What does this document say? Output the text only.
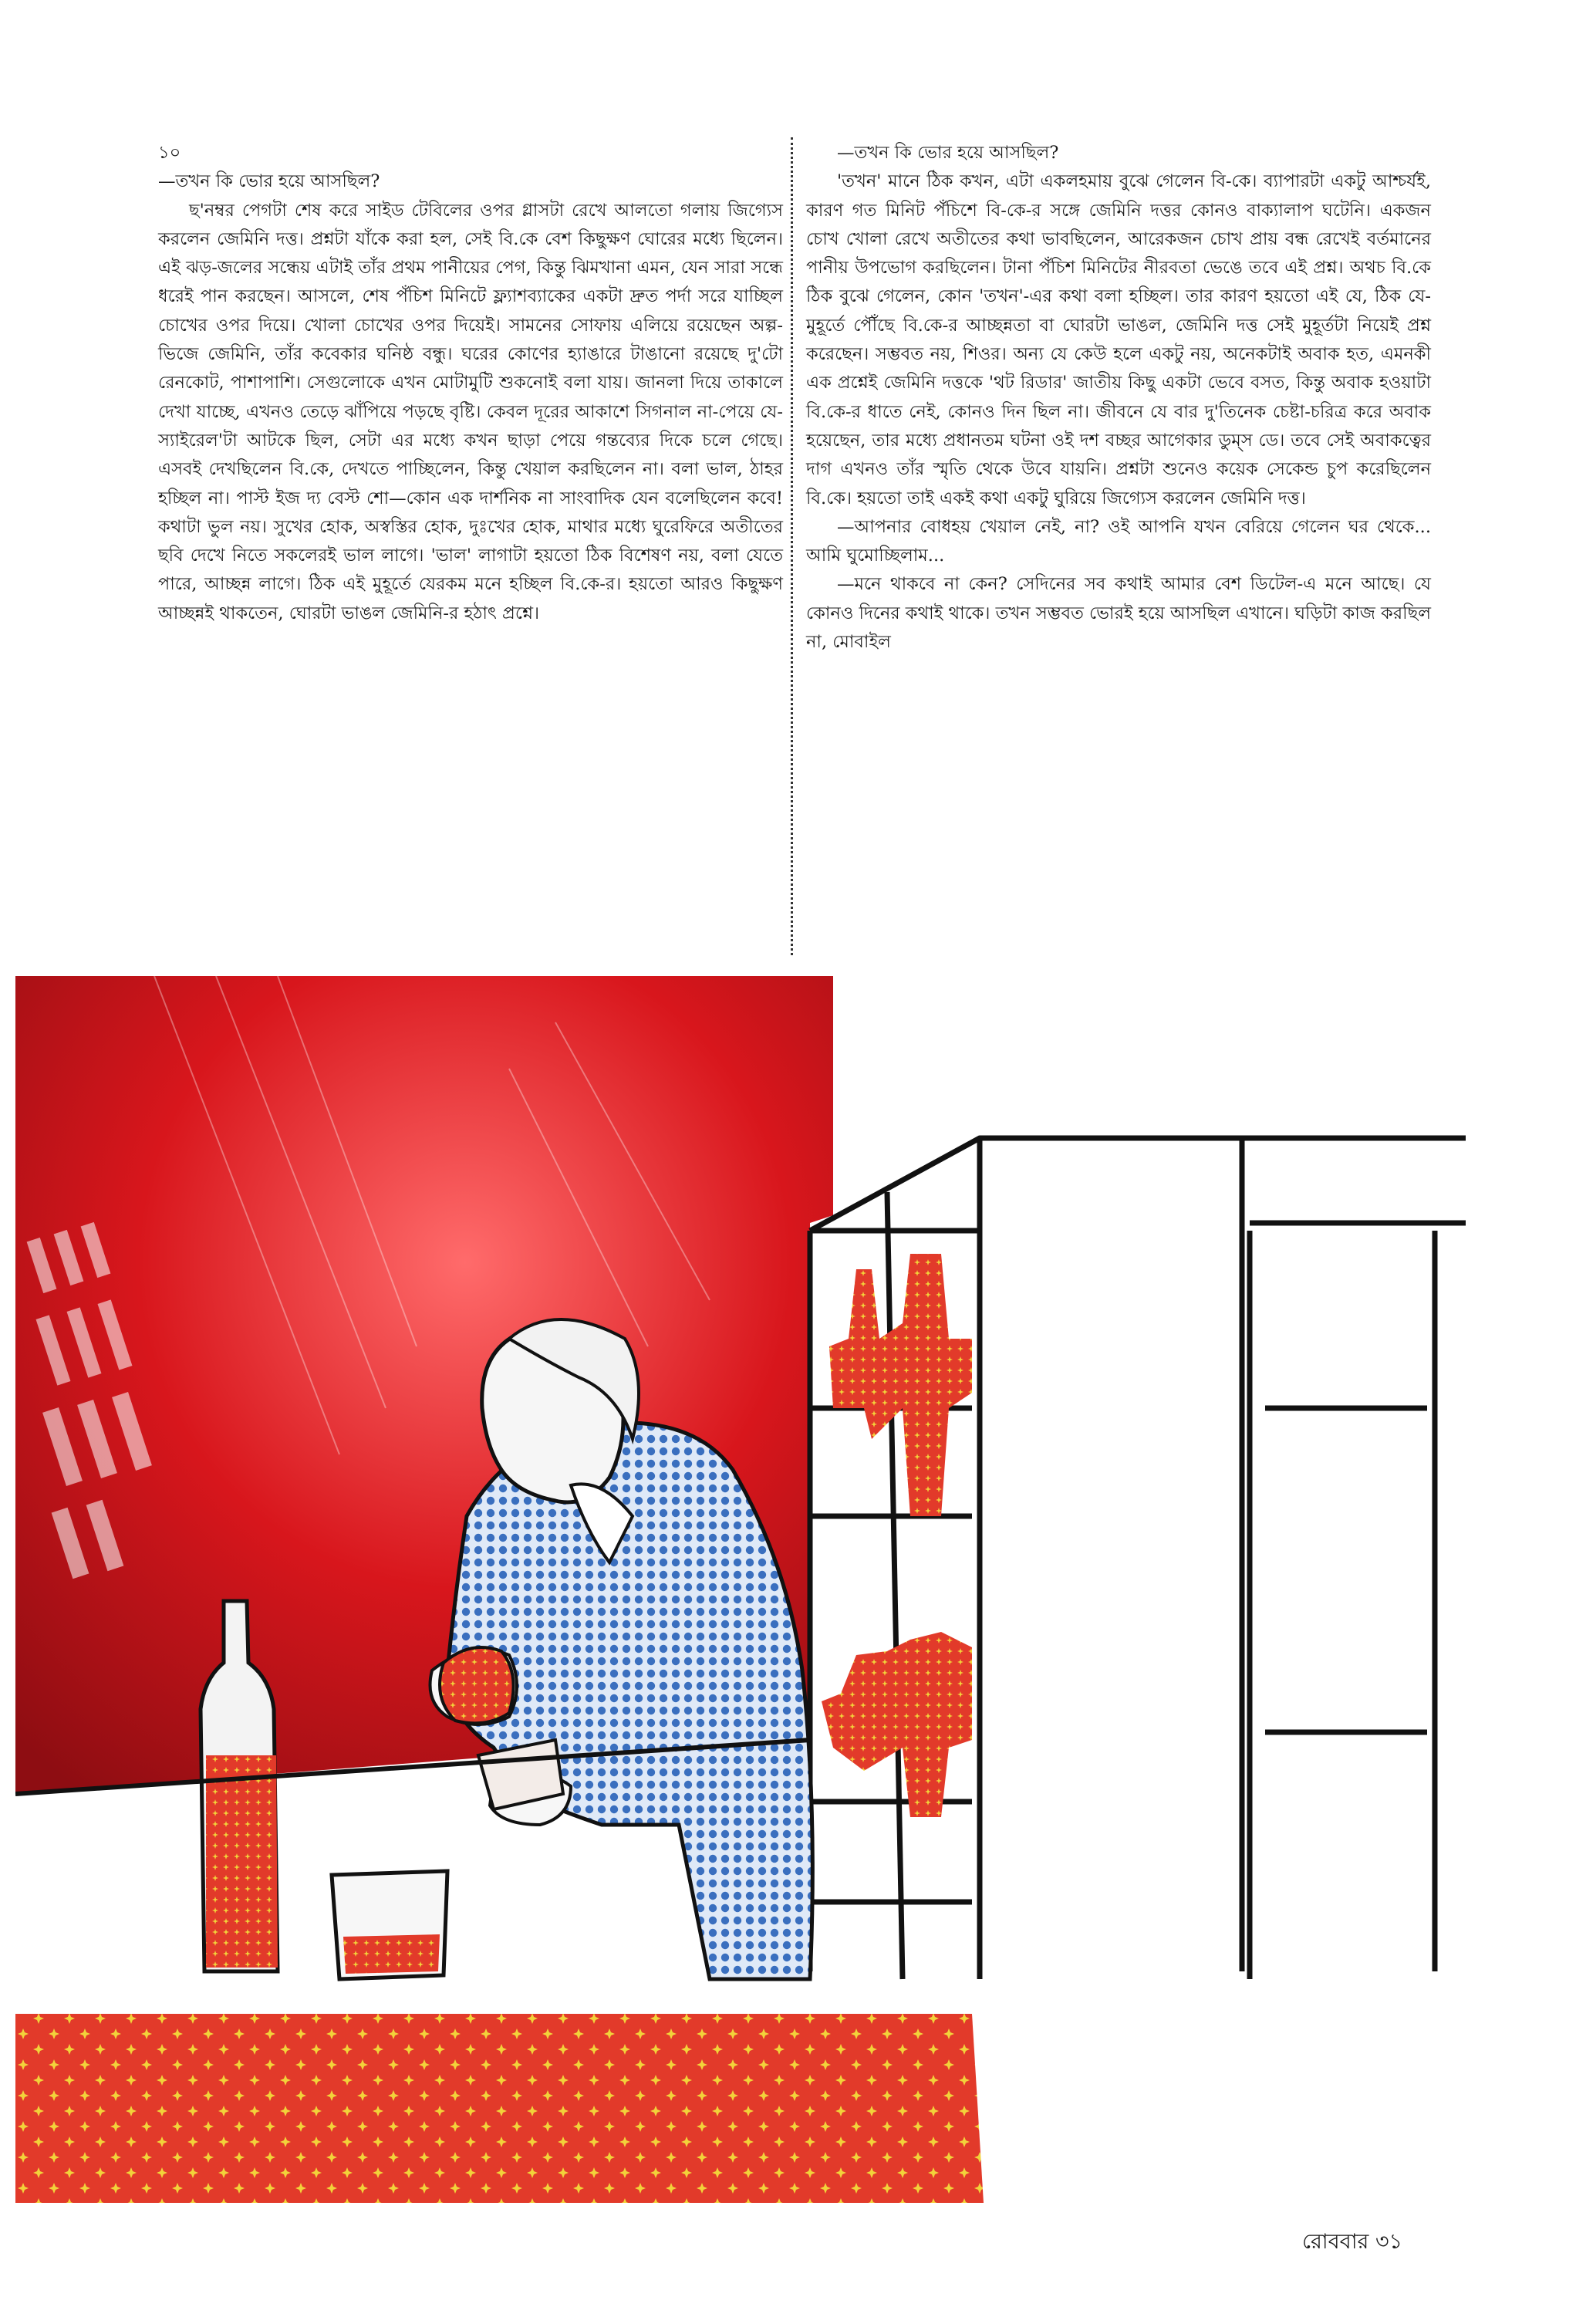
১০

—তখন কি ভোর হয়ে আসছিল?

ছ'নম্বর পেগটা শেষ করে সাইড টেবিলের ওপর গ্লাসটা রেখে আলতো গলায় জিগ্যেস করলেন জেমিনি দত্ত। প্রশ্নটা যাঁকে করা হল, সেই বি.কে বেশ কিছুক্ষণ ঘোরের মধ্যে ছিলেন। এই ঝড়-জলের সন্ধেয় এটাই তাঁর প্রথম পানীয়ের পেগ, কিন্তু ঝিমখানা এমন, যেন সারা সন্ধে ধরেই পান করছেন। আসলে, শেষ পঁচিশ মিনিটে ফ্ল্যাশব্যাকের একটা দ্রুত পর্দা সরে যাচ্ছিল চোখের ওপর দিয়ে। খোলা চোখের ওপর দিয়েই। সামনের সোফায় এলিয়ে রয়েছেন অল্প-ভিজে জেমিনি, তাঁর কবেকার ঘনিষ্ঠ বন্ধু। ঘরের কোণের হ্যাঙারে টাঙানো রয়েছে দু'টো রেনকোট, পাশাপাশি। সেগুলোকে এখন মোটামুটি শুকনোই বলা যায়। জানলা দিয়ে তাকালে দেখা যাচ্ছে, এখনও তেড়ে ঝাঁপিয়ে পড়ছে বৃষ্টি। কেবল দূরের আকাশে সিগনাল না-পেয়ে যে-স্যাইরেল'টা আটকে ছিল, সেটা এর মধ্যে কখন ছাড়া পেয়ে গন্তব্যের দিকে চলে গেছে। এসবই দেখছিলেন বি.কে, দেখতে পাচ্ছিলেন, কিন্তু খেয়াল করছিলেন না। বলা ভাল, ঠাহর হচ্ছিল না। পাস্ট ইজ দ্য বেস্ট শো—কোন এক দার্শনিক না সাংবাদিক যেন বলেছিলেন কবে! কথাটা ভুল নয়। সুখের হোক, অস্বস্তির হোক, দুঃখের হোক, মাথার মধ্যে ঘুরেফিরে অতীতের ছবি দেখে নিতে সকলেরই ভাল লাগে। 'ভাল' লাগাটা হয়তো ঠিক বিশেষণ নয়, বলা যেতে পারে, আচ্ছন্ন লাগে। ঠিক এই মুহূর্তে যেরকম মনে হচ্ছিল বি.কে-র। হয়তো আরও কিছুক্ষণ আচ্ছন্নই থাকতেন, ঘোরটা ভাঙল জেমিনি-র হঠাৎ প্রশ্নে।

—তখন কি ভোর হয়ে আসছিল?

'তখন' মানে ঠিক কখন, এটা একলহমায় বুঝে গেলেন বি-কে। ব্যাপারটা একটু আশ্চর্যই, কারণ গত মিনিট পঁচিশে বি-কে-র সঙ্গে জেমিনি দত্তর কোনও বাক্যালাপ ঘটেনি। একজন চোখ খোলা রেখে অতীতের কথা ভাবছিলেন, আরেকজন চোখ প্রায় বন্ধ রেখেই বর্তমানের পানীয় উপভোগ করছিলেন। টানা পঁচিশ মিনিটের নীরবতা ভেঙে তবে এই প্রশ্ন। অথচ বি.কে ঠিক বুঝে গেলেন, কোন 'তখন'-এর কথা বলা হচ্ছিল। তার কারণ হয়তো এই যে, ঠিক যে-মুহূর্তে পৌঁছে বি.কে-র আচ্ছন্নতা বা ঘোরটা ভাঙল, জেমিনি দত্ত সেই মুহূর্তটা নিয়েই প্রশ্ন করেছেন। সম্ভবত নয়, শিওর। অন্য যে কেউ হলে একটু নয়, অনেকটাই অবাক হত, এমনকী এক প্রশ্নেই জেমিনি দত্তকে 'থট রিডার' জাতীয় কিছু একটা ভেবে বসত, কিন্তু অবাক হওয়াটা বি.কে-র ধাতে নেই, কোনও দিন ছিল না। জীবনে যে বার দু'তিনেক চেষ্টা-চরিত্র করে অবাক হয়েছেন, তার মধ্যে প্রধানতম ঘটনা ওই দশ বচ্ছর আগেকার ডুম্‌স ডে। তবে সেই অবাকত্বের দাগ এখনও তাঁর স্মৃতি থেকে উবে যায়নি। প্রশ্নটা শুনেও কয়েক সেকেন্ড চুপ করেছিলেন বি.কে। হয়তো তাই একই কথা একটু ঘুরিয়ে জিগ্যেস করলেন জেমিনি দত্ত।

—আপনার বোধহয় খেয়াল নেই, না? ওই আপনি যখন বেরিয়ে গেলেন ঘর থেকে... আমি ঘুমোচ্ছিলাম...

—মনে থাকবে না কেন? সেদিনের সব কথাই আমার বেশ ডিটেল-এ মনে আছে। যে কোনও দিনের কথাই থাকে। তখন সম্ভবত ভোরই হয়ে আসছিল এখানে। ঘড়িটা কাজ করছিল না, মোবাইল

রোববার ৩১
